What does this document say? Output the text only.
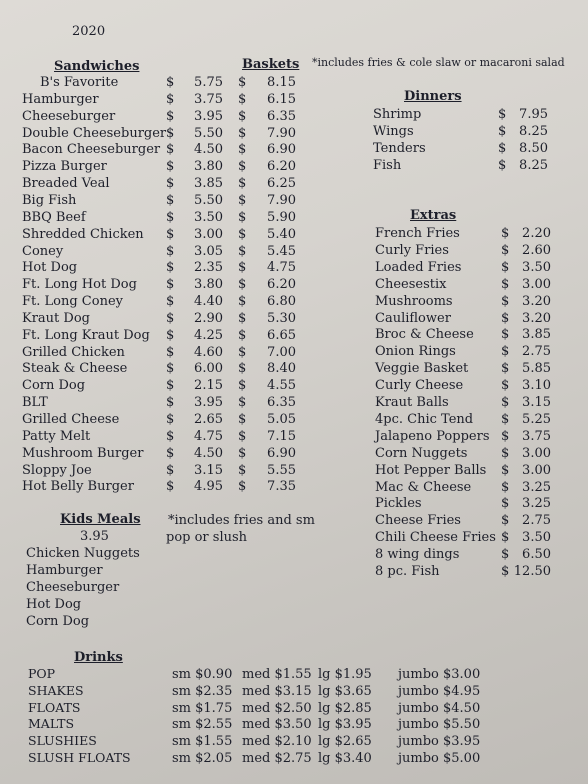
2020
Sandwiches	Baskets *includes fries & cole slaw or macaroni salad
B's Favorite	$ 5.75 $ 8.15
Hamburger	$ 3.75 $ 6.15
Cheeseburger	$ 3.95 $ 6.35
Double Cheeseburger $ 5.50 $ 7.90
Bacon Cheeseburger $ 4.50 $ 6.90
Pizza Burger	$ 3.80 $ 6.20
Breaded Veal	$ 3.85 $ 6.25
Big Fish	$ 5.50 $ 7.90
BBQ Beef	$ 3.50 $ 5.90
Shredded Chicken $ 3.00 $ 5.40
Coney	$ 3.05 $ 5.45
Hot Dog	$ 2.35 $ 4.75
Ft. Long Hot Dog $ 3.80 $ 6.20
Ft. Long Coney	$ 4.40 $ 6.80
Kraut Dog	$ 2.90 $ 5.30
Ft. Long Kraut Dog $ 4.25 $ 6.65
Grilled Chicken	$ 4.60 $ 7.00
Steak & Cheese	$ 6.00 $ 8.40
Corn Dog	$ 2.15 $ 4.55
BLT	$ 3.95 $ 6.35
Grilled Cheese	$ 2.65 $ 5.05
Patty Melt	$ 4.75 $ 7.15
Mushroom Burger $ 4.50 $ 6.90
Sloppy Joe	$ 3.15 $ 5.55
Hot Belly Burger $ 4.95 $ 7.35
Dinners
Shrimp	$ 7.95
Wings	$ 8.25
Tenders	$ 8.50
Fish	$ 8.25
Extras
French Fries	$ 2.20
Curly Fries	$ 2.60
Loaded Fries	$ 3.50
Cheesestix	$ 3.00
Mushrooms	$ 3.20
Cauliflower	$ 3.20
Broc & Cheese $ 3.85
Onion Rings	$ 2.75
Veggie Basket	$ 5.85
Curly Cheese	$ 3.10
Kraut Balls	$ 3.15
4pc. Chic Tend $ 5.25
Jalapeno Poppers $ 3.75
Corn Nuggets	$ 3.00
Hot Pepper Balls $ 3.00
Mac & Cheese $ 3.25
Pickles	$ 3.25
Cheese Fries	$ 2.75
Chili Cheese Fries $ 3.50
8 wing dings	$ 6.50
8 pc. Fish	$ 12.50
Kids Meals
3.95
*includes fries and sm
pop or slush
Chicken Nuggets
Hamburger
Cheeseburger
Hot Dog
Corn Dog
Drinks
POP	sm $0.90 med $1.55 lg $1.95 jumbo $3.00
SHAKES	sm $2.35 med $3.15 lg $3.65 jumbo $4.95
FLOATS	sm $1.75 med $2.50 lg $2.85 jumbo $4.50
MALTS	sm $2.55 med $3.50 lg $3.95 jumbo $5.50
SLUSHIES	sm $1.55 med $2.10 lg $2.65 jumbo $3.95
SLUSH FLOATS	sm $2.05 med $2.75 lg $3.40 jumbo $5.00
